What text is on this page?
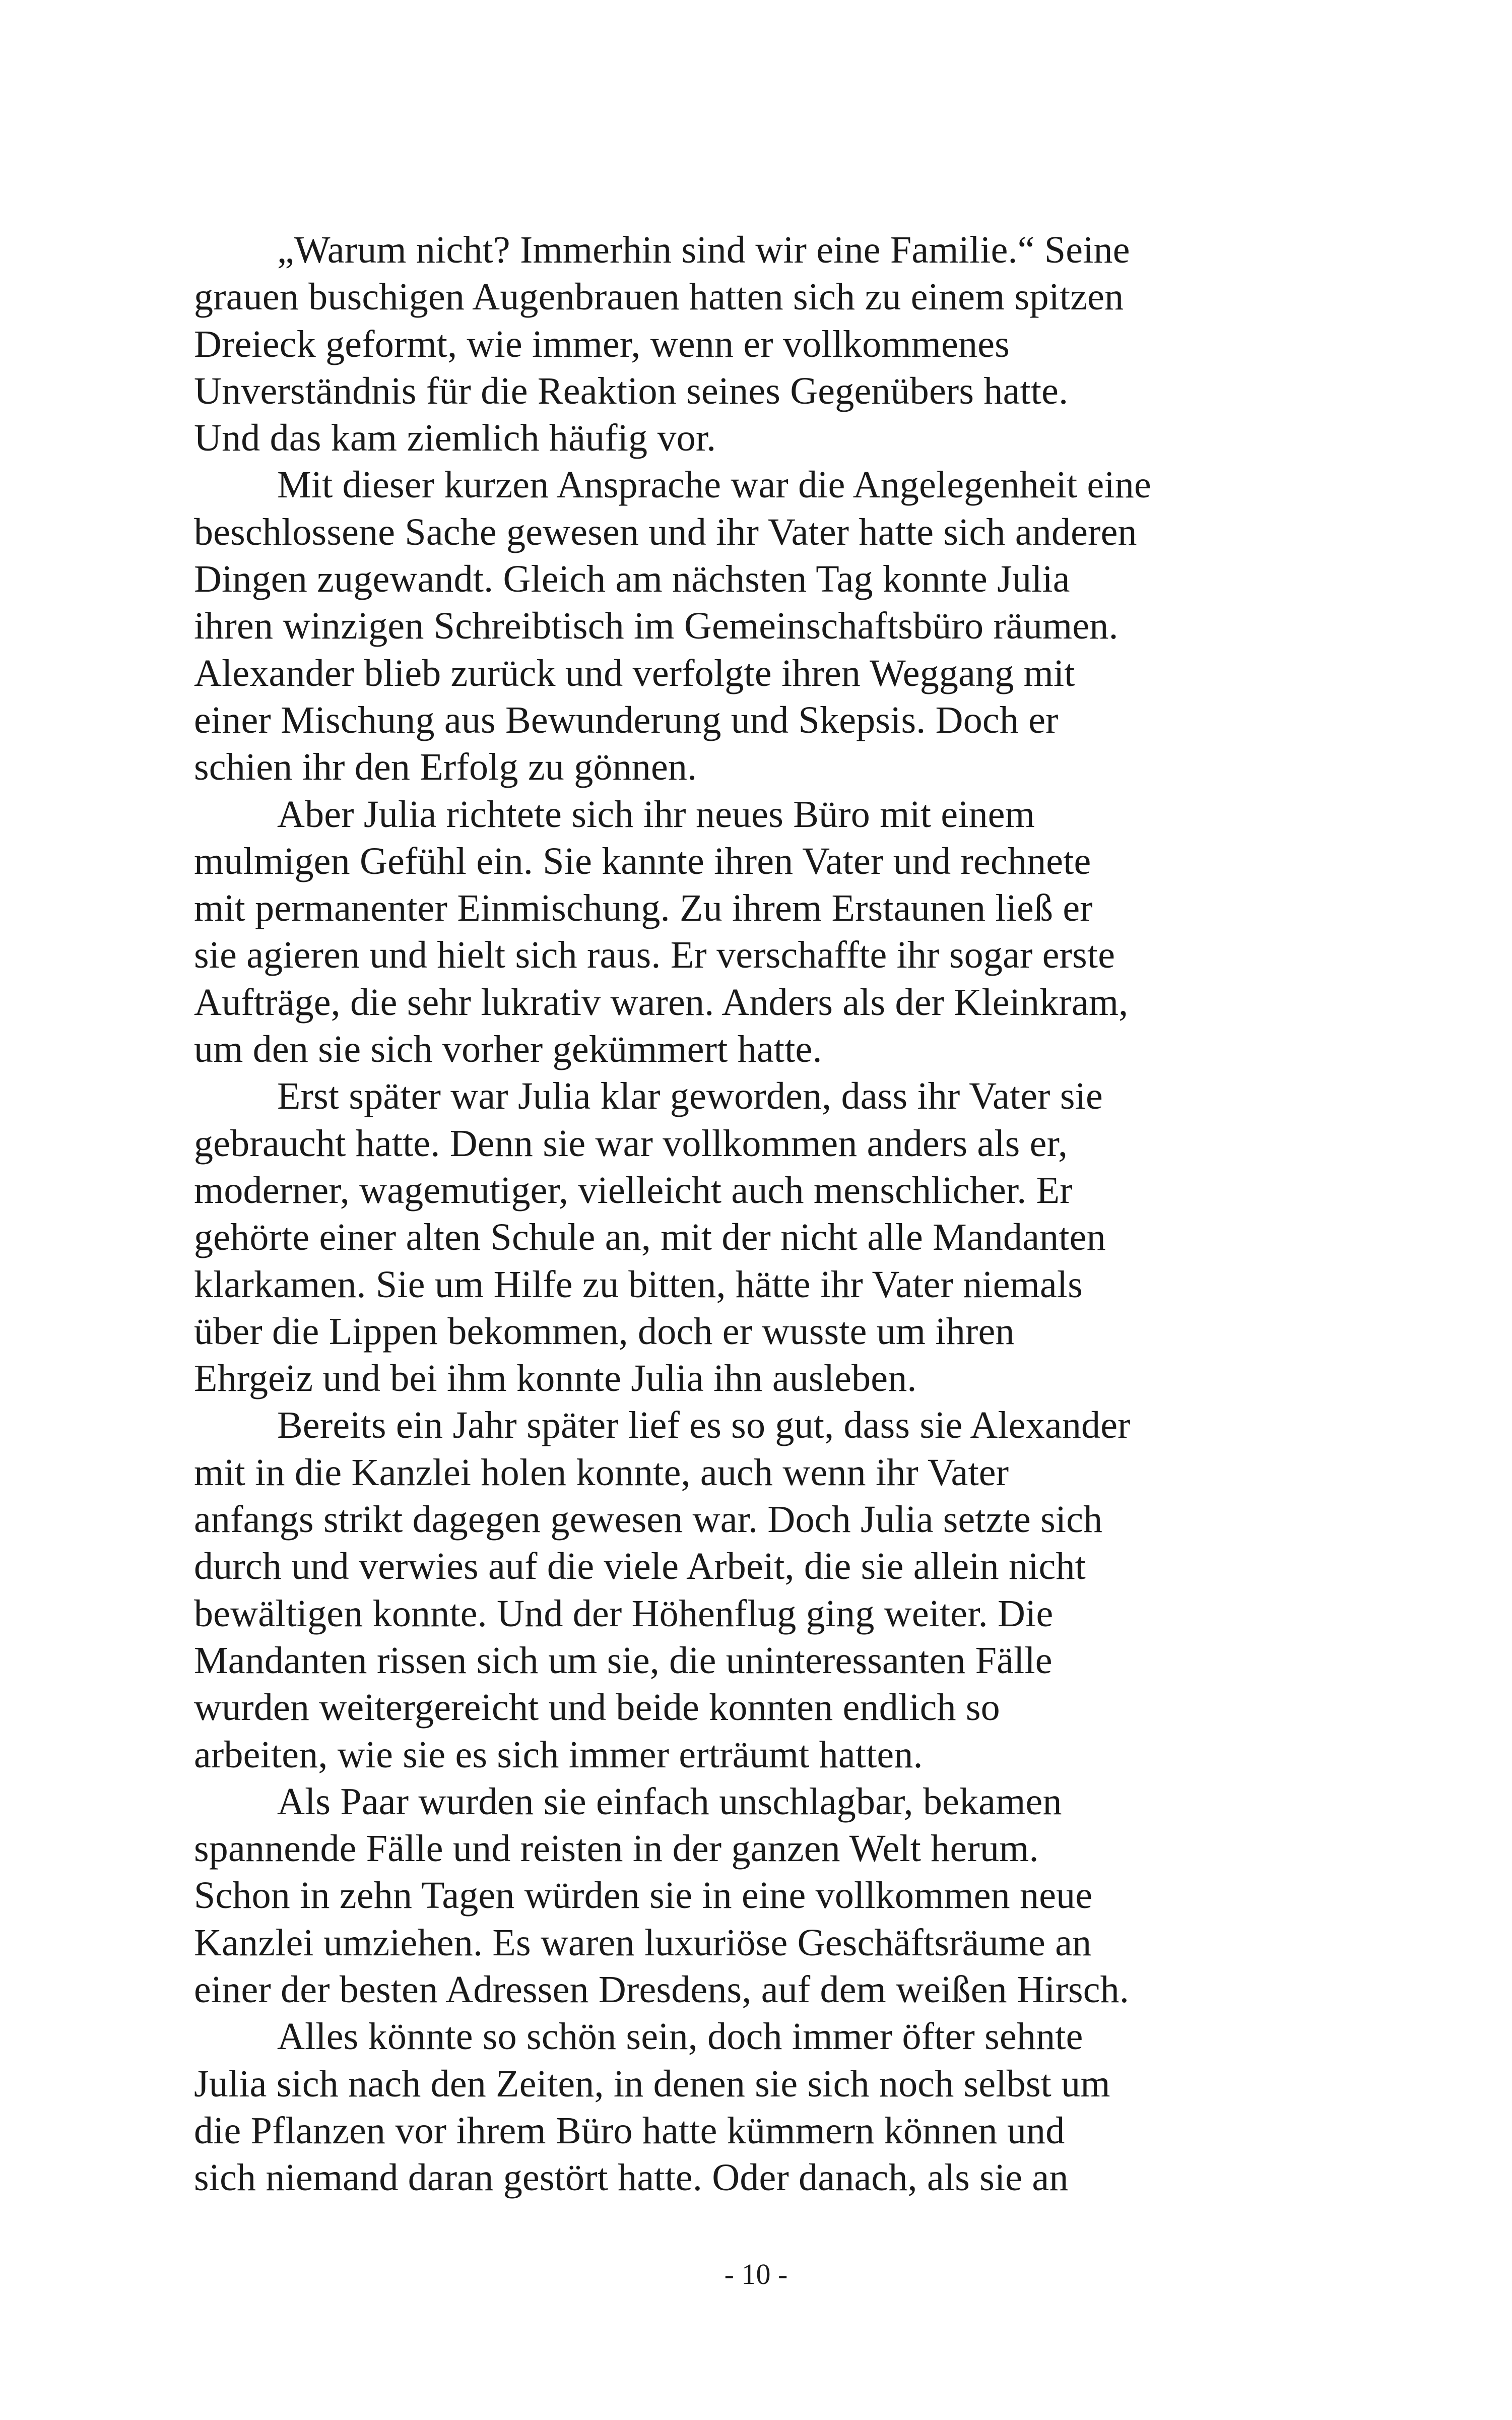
„Warum nicht? Immerhin sind wir eine Familie.“ Seine
grauen buschigen Augenbrauen hatten sich zu einem spitzen
Dreieck geformt, wie immer, wenn er vollkommenes
Unverständnis für die Reaktion seines Gegenübers hatte.
Und das kam ziemlich häufig vor.
Mit dieser kurzen Ansprache war die Angelegenheit eine
beschlossene Sache gewesen und ihr Vater hatte sich anderen
Dingen zugewandt. Gleich am nächsten Tag konnte Julia
ihren winzigen Schreibtisch im Gemeinschaftsbüro räumen.
Alexander blieb zurück und verfolgte ihren Weggang mit
einer Mischung aus Bewunderung und Skepsis. Doch er
schien ihr den Erfolg zu gönnen.
Aber Julia richtete sich ihr neues Büro mit einem
mulmigen Gefühl ein. Sie kannte ihren Vater und rechnete
mit permanenter Einmischung. Zu ihrem Erstaunen ließ er
sie agieren und hielt sich raus. Er verschaffte ihr sogar erste
Aufträge, die sehr lukrativ waren. Anders als der Kleinkram,
um den sie sich vorher gekümmert hatte.
Erst später war Julia klar geworden, dass ihr Vater sie
gebraucht hatte. Denn sie war vollkommen anders als er,
moderner, wagemutiger, vielleicht auch menschlicher. Er
gehörte einer alten Schule an, mit der nicht alle Mandanten
klarkamen. Sie um Hilfe zu bitten, hätte ihr Vater niemals
über die Lippen bekommen, doch er wusste um ihren
Ehrgeiz und bei ihm konnte Julia ihn ausleben.
Bereits ein Jahr später lief es so gut, dass sie Alexander
mit in die Kanzlei holen konnte, auch wenn ihr Vater
anfangs strikt dagegen gewesen war. Doch Julia setzte sich
durch und verwies auf die viele Arbeit, die sie allein nicht
bewältigen konnte. Und der Höhenflug ging weiter. Die
Mandanten rissen sich um sie, die uninteressanten Fälle
wurden weitergereicht und beide konnten endlich so
arbeiten, wie sie es sich immer erträumt hatten.
Als Paar wurden sie einfach unschlagbar, bekamen
spannende Fälle und reisten in der ganzen Welt herum.
Schon in zehn Tagen würden sie in eine vollkommen neue
Kanzlei umziehen. Es waren luxuriöse Geschäftsräume an
einer der besten Adressen Dresdens, auf dem weißen Hirsch.
Alles könnte so schön sein, doch immer öfter sehnte
Julia sich nach den Zeiten, in denen sie sich noch selbst um
die Pflanzen vor ihrem Büro hatte kümmern können und
sich niemand daran gestört hatte. Oder danach, als sie an
- 10 -
